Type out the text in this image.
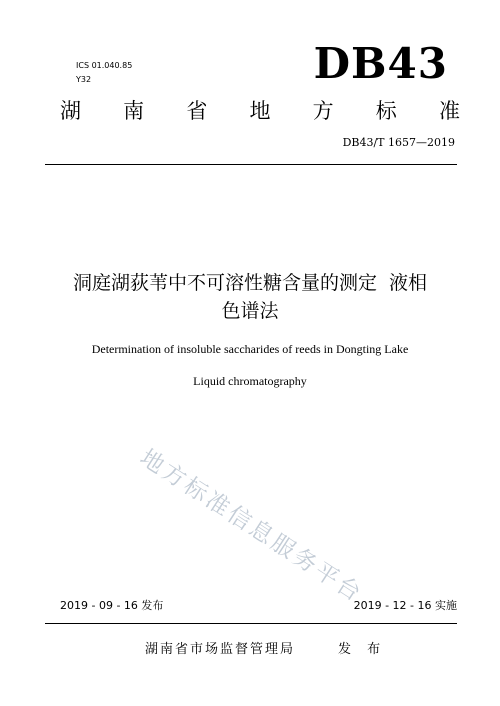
ICS 01.040.85
Y32	DB43
湖 南 省 地 方 标 准
DB43/T 1657—2019
洞庭湖荻苇中不可溶性糖含量的测定  液相
色谱法
Determination of insoluble saccharides of reeds in Dongting Lake
Liquid chromatography
地方标准信息服务平台
2019 - 09 - 16 发布	2019 - 12 - 16 实施
湖南省市场监督管理局	发 布
